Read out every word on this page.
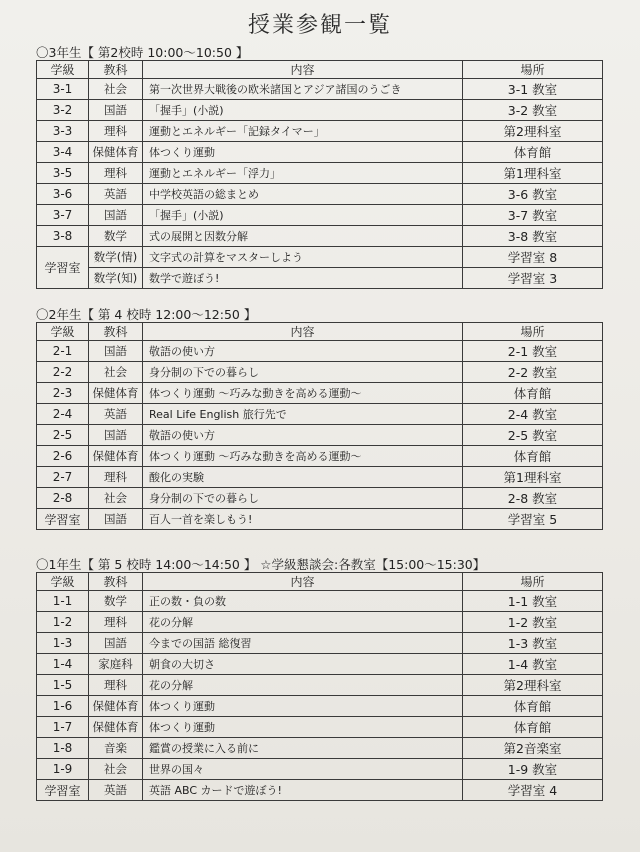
授業参観一覧
〇3年生【 第2校時 10:00〜10:50 】
学級	教科	内容	場所
3-1	社会	第一次世界大戦後の欧米諸国とアジア諸国のうごき	3-1 教室
3-2	国語	「握手」(小説)	3-2 教室
3-3	理科	運動とエネルギー「記録タイマー」	第2理科室
3-4	保健体育	体つくり運動	体育館
3-5	理科	運動とエネルギー「浮力」	第1理科室
3-6	英語	中学校英語の総まとめ	3-6 教室
3-7	国語	「握手」(小説)	3-7 教室
3-8	数学	式の展開と因数分解	3-8 教室
学習室	数学(情)	文字式の計算をマスターしよう	学習室 8
	数学(知)	数学で遊ぼう!	学習室 3
〇2年生【 第 4 校時 12:00〜12:50 】
学級	教科	内容	場所
2-1	国語	敬語の使い方	2-1 教室
2-2	社会	身分制の下での暮らし	2-2 教室
2-3	保健体育	体つくり運動 〜巧みな動きを高める運動〜	体育館
2-4	英語	Real Life English 旅行先で	2-4 教室
2-5	国語	敬語の使い方	2-5 教室
2-6	保健体育	体つくり運動 〜巧みな動きを高める運動〜	体育館
2-7	理科	酸化の実験	第1理科室
2-8	社会	身分制の下での暮らし	2-8 教室
学習室	国語	百人一首を楽しもう!	学習室 5
〇1年生【 第 5 校時 14:00〜14:50 】 ☆学級懇談会:各教室【15:00〜15:30】
学級	教科	内容	場所
1-1	数学	正の数・負の数	1-1 教室
1-2	理科	花の分解	1-2 教室
1-3	国語	今までの国語 総復習	1-3 教室
1-4	家庭科	朝食の大切さ	1-4 教室
1-5	理科	花の分解	第2理科室
1-6	保健体育	体つくり運動	体育館
1-7	保健体育	体つくり運動	体育館
1-8	音楽	鑑賞の授業に入る前に	第2音楽室
1-9	社会	世界の国々	1-9 教室
学習室	英語	英語 ABC カードで遊ぼう!	学習室 4
